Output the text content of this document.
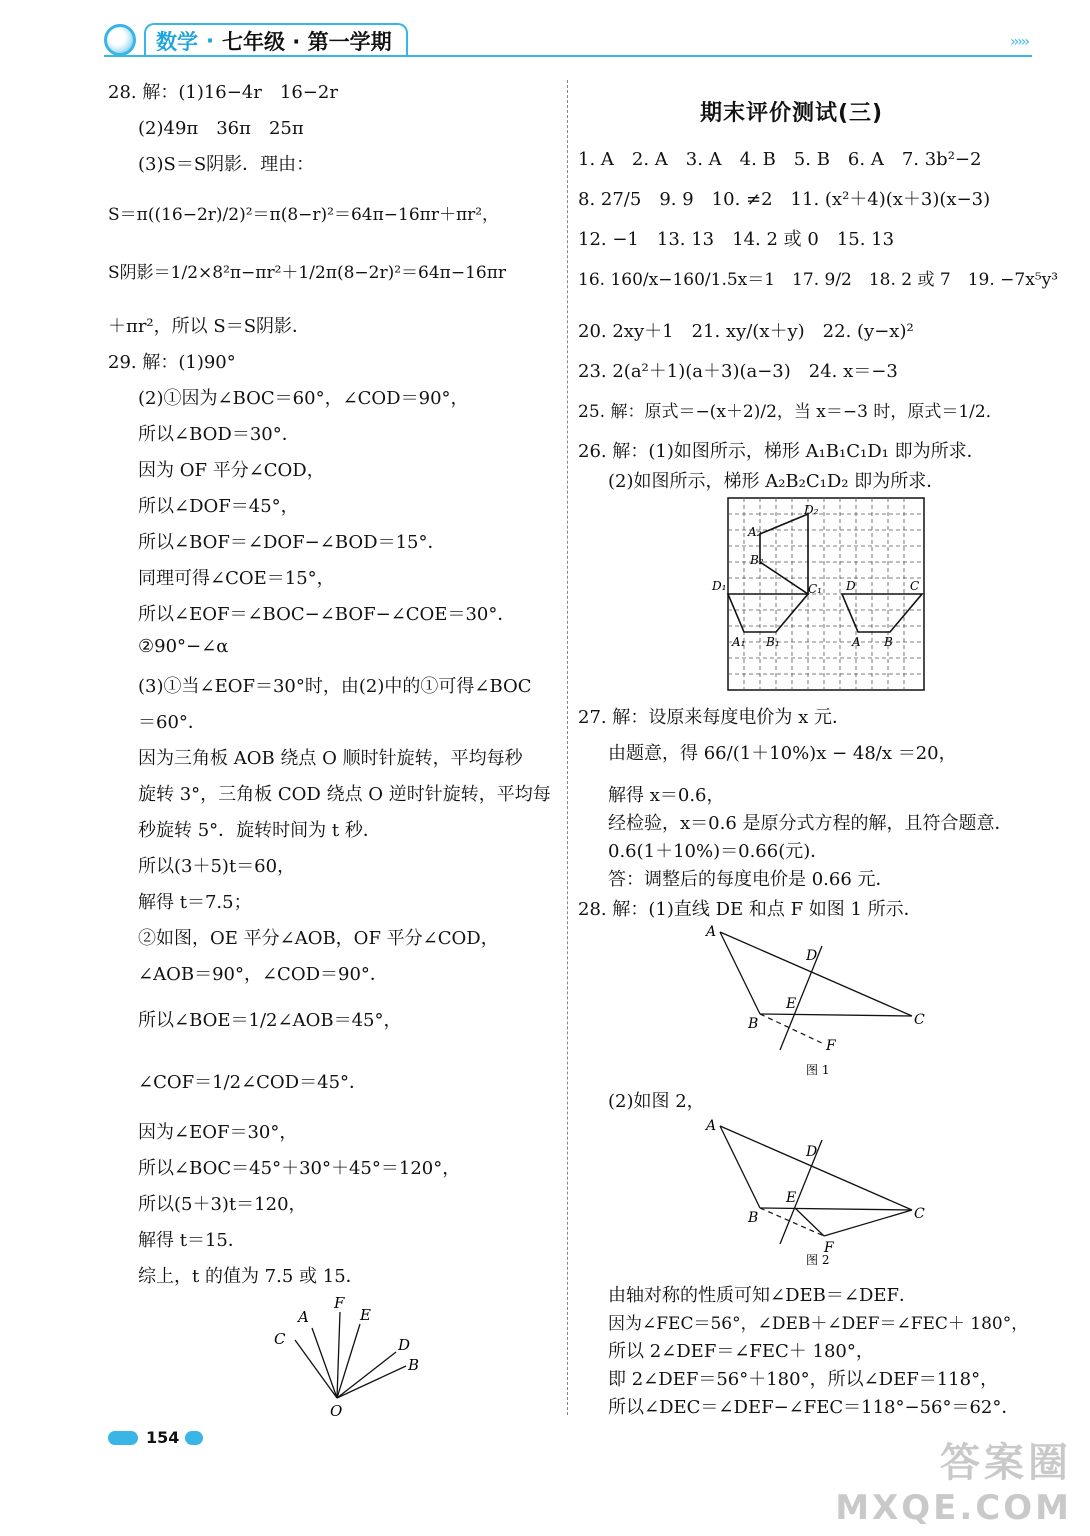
数学 · 七年级 · 第一学期	›››››
28. 解：(1)16−4r　16−2r
(2)49π　36π　25π
(3)S＝S阴影．理由：
S＝π((16−2r)/2)²＝π(8−r)²＝64π−16πr＋πr²，
S阴影＝1/2×8²π−πr²＋1/2π(8−2r)²＝64π−16πr
＋πr²，所以 S＝S阴影．
29. 解：(1)90°
(2)①因为∠BOC＝60°，∠COD＝90°，
所以∠BOD＝30°．
因为 OF 平分∠COD，
所以∠DOF＝45°，
所以∠BOF＝∠DOF−∠BOD＝15°．
同理可得∠COE＝15°，
所以∠EOF＝∠BOC−∠BOF−∠COE＝30°．
②90°−∠α
(3)①当∠EOF＝30°时，由(2)中的①可得∠BOC
＝60°．
因为三角板 AOB 绕点 O 顺时针旋转，平均每秒
旋转 3°，三角板 COD 绕点 O 逆时针旋转，平均每
秒旋转 5°．旋转时间为 t 秒．
所以(3＋5)t＝60，
解得 t＝7.5；
②如图，OE 平分∠AOB，OF 平分∠COD，
∠AOB＝90°，∠COD＝90°．
所以∠BOE＝1/2∠AOB＝45°，
∠COF＝1/2∠COD＝45°．
因为∠EOF＝30°，
所以∠BOC＝45°＋30°＋45°＝120°，
所以(5＋3)t＝120，
解得 t＝15．
综上，t 的值为 7.5 或 15．
C
A
F
E
D
B
O
期末评价测试(三)
1. A　2. A　3. A　4. B　5. B　6. A　7. 3b²−2
8. 27/5　9. 9　10. ≠2　11. (x²＋4)(x＋3)(x−3)
12. −1　13. 13　14. 2 或 0　15. 13
16. 160/x−160/1.5x＝1　17. 9/2　18. 2 或 7　19. −7x⁵y³
20. 2xy＋1　21. xy/(x＋y)　22. (y−x)²
23. 2(a²＋1)(a＋3)(a−3)　24. x＝−3
25. 解：原式＝−(x＋2)/2，当 x＝−3 时，原式＝1/2．
26. 解：(1)如图所示，梯形 A₁B₁C₁D₁ 即为所求．
(2)如图所示，梯形 A₂B₂C₁D₂ 即为所求．
27. 解：设原来每度电价为 x 元．
由题意，得 66/(1＋10%)x − 48/x ＝20，
解得 x＝0.6，
经检验，x＝0.6 是原分式方程的解，且符合题意．
0.6(1＋10%)＝0.66(元)．
答：调整后的每度电价是 0.66 元．
28. 解：(1)直线 DE 和点 F 如图 1 所示．
(2)如图 2，
由轴对称的性质可知∠DEB＝∠DEF．
因为∠FEC＝56°，∠DEB＋∠DEF＝∠FEC＋ 180°，
所以 2∠DEF＝∠FEC＋ 180°，
即 2∠DEF＝56°＋180°，所以∠DEF＝118°，
所以∠DEC＝∠DEF−∠FEC＝118°−56°＝62°．
D₂
A₂
B₂
C₁
D₁
A₁ B₁
D	C
A B
A
D
E
B	C
F
图 1
A
D
E
B	C
F
图 2
154
答案圈
MXQE.COM
